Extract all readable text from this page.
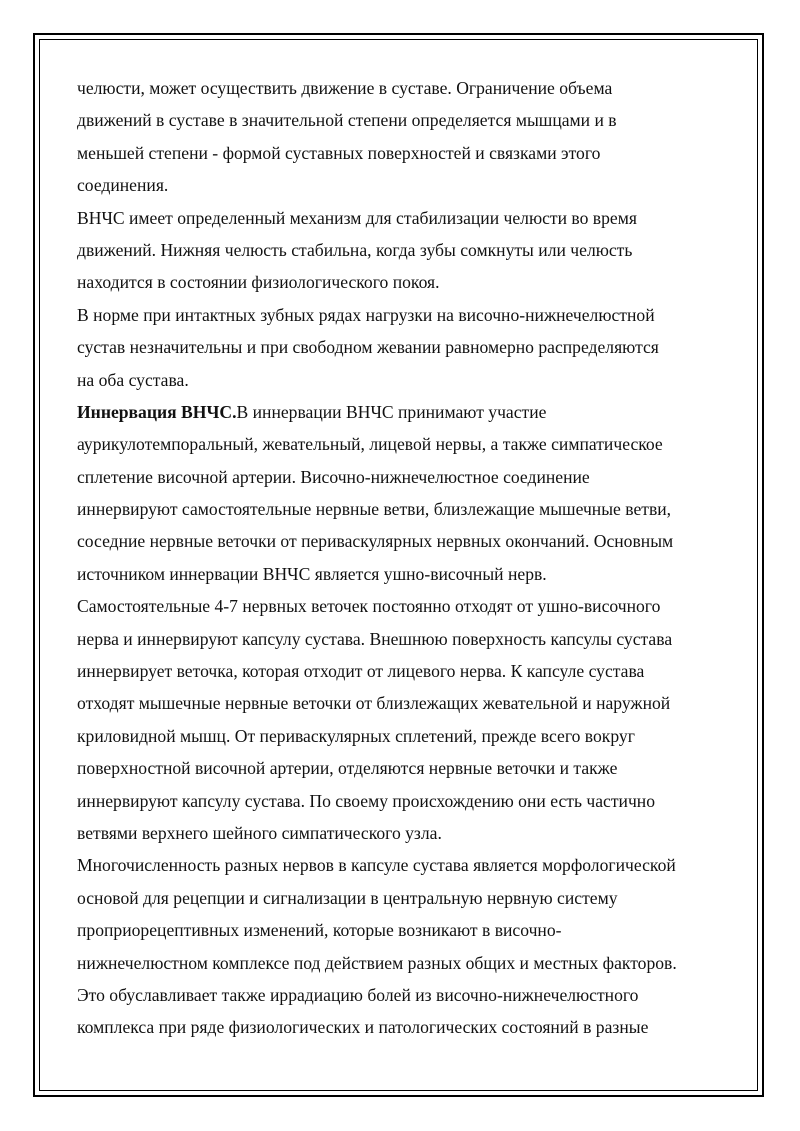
челюсти, может осуществить движение в суставе. Ограничение объема
движений в суставе в значительной степени определяется мышцами и в
меньшей степени - формой суставных поверхностей и связками этого
соединения.
ВНЧС имеет определенный механизм для стабилизации челюсти во время
движений. Нижняя челюсть стабильна, когда зубы сомкнуты или челюсть
находится в состоянии физиологического покоя.
В норме при интактных зубных рядах нагрузки на височно-нижнечелюстной
сустав незначительны и при свободном жевании равномерно распределяются
на оба сустава.
Иннервация ВНЧС.В иннервации ВНЧС принимают участие
аурикулотемпоральный, жевательный, лицевой нервы, а также симпатическое
сплетение височной артерии. Височно-нижнечелюстное соединение
иннервируют самостоятельные нервные ветви, близлежащие мышечные ветви,
соседние нервные веточки от периваскулярных нервных окончаний. Основным
источником иннервации ВНЧС является ушно-височный нерв.
Самостоятельные 4-7 нервных веточек постоянно отходят от ушно-височного
нерва и иннервируют капсулу сустава. Внешнюю поверхность капсулы сустава
иннервирует веточка, которая отходит от лицевого нерва. К капсуле сустава
отходят мышечные нервные веточки от близлежащих жевательной и наружной
криловидной мышц. От периваскулярных сплетений, прежде всего вокруг
поверхностной височной артерии, отделяются нервные веточки и также
иннервируют капсулу сустава. По своему происхождению они есть частично
ветвями верхнего шейного симпатического узла.
Многочисленность разных нервов в капсуле сустава является морфологической
основой для рецепции и сигнализации в центральную нервную систему
проприорецептивных изменений, которые возникают в височно-
нижнечелюстном комплексе под действием разных общих и местных факторов.
Это обуславливает также иррадиацию болей из височно-нижнечелюстного
комплекса при ряде физиологических и патологических состояний в разные
